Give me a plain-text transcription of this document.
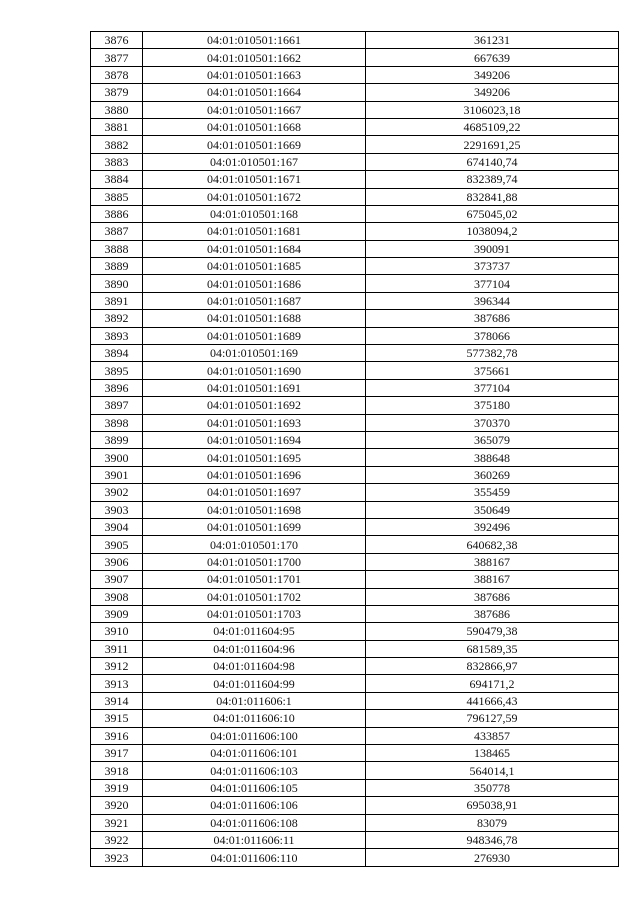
3876	04:01:010501:1661	361231
3877	04:01:010501:1662	667639
3878	04:01:010501:1663	349206
3879	04:01:010501:1664	349206
3880	04:01:010501:1667	3106023,18
3881	04:01:010501:1668	4685109,22
3882	04:01:010501:1669	2291691,25
3883	04:01:010501:167	674140,74
3884	04:01:010501:1671	832389,74
3885	04:01:010501:1672	832841,88
3886	04:01:010501:168	675045,02
3887	04:01:010501:1681	1038094,2
3888	04:01:010501:1684	390091
3889	04:01:010501:1685	373737
3890	04:01:010501:1686	377104
3891	04:01:010501:1687	396344
3892	04:01:010501:1688	387686
3893	04:01:010501:1689	378066
3894	04:01:010501:169	577382,78
3895	04:01:010501:1690	375661
3896	04:01:010501:1691	377104
3897	04:01:010501:1692	375180
3898	04:01:010501:1693	370370
3899	04:01:010501:1694	365079
3900	04:01:010501:1695	388648
3901	04:01:010501:1696	360269
3902	04:01:010501:1697	355459
3903	04:01:010501:1698	350649
3904	04:01:010501:1699	392496
3905	04:01:010501:170	640682,38
3906	04:01:010501:1700	388167
3907	04:01:010501:1701	388167
3908	04:01:010501:1702	387686
3909	04:01:010501:1703	387686
3910	04:01:011604:95	590479,38
3911	04:01:011604:96	681589,35
3912	04:01:011604:98	832866,97
3913	04:01:011604:99	694171,2
3914	04:01:011606:1	441666,43
3915	04:01:011606:10	796127,59
3916	04:01:011606:100	433857
3917	04:01:011606:101	138465
3918	04:01:011606:103	564014,1
3919	04:01:011606:105	350778
3920	04:01:011606:106	695038,91
3921	04:01:011606:108	83079
3922	04:01:011606:11	948346,78
3923	04:01:011606:110	276930
